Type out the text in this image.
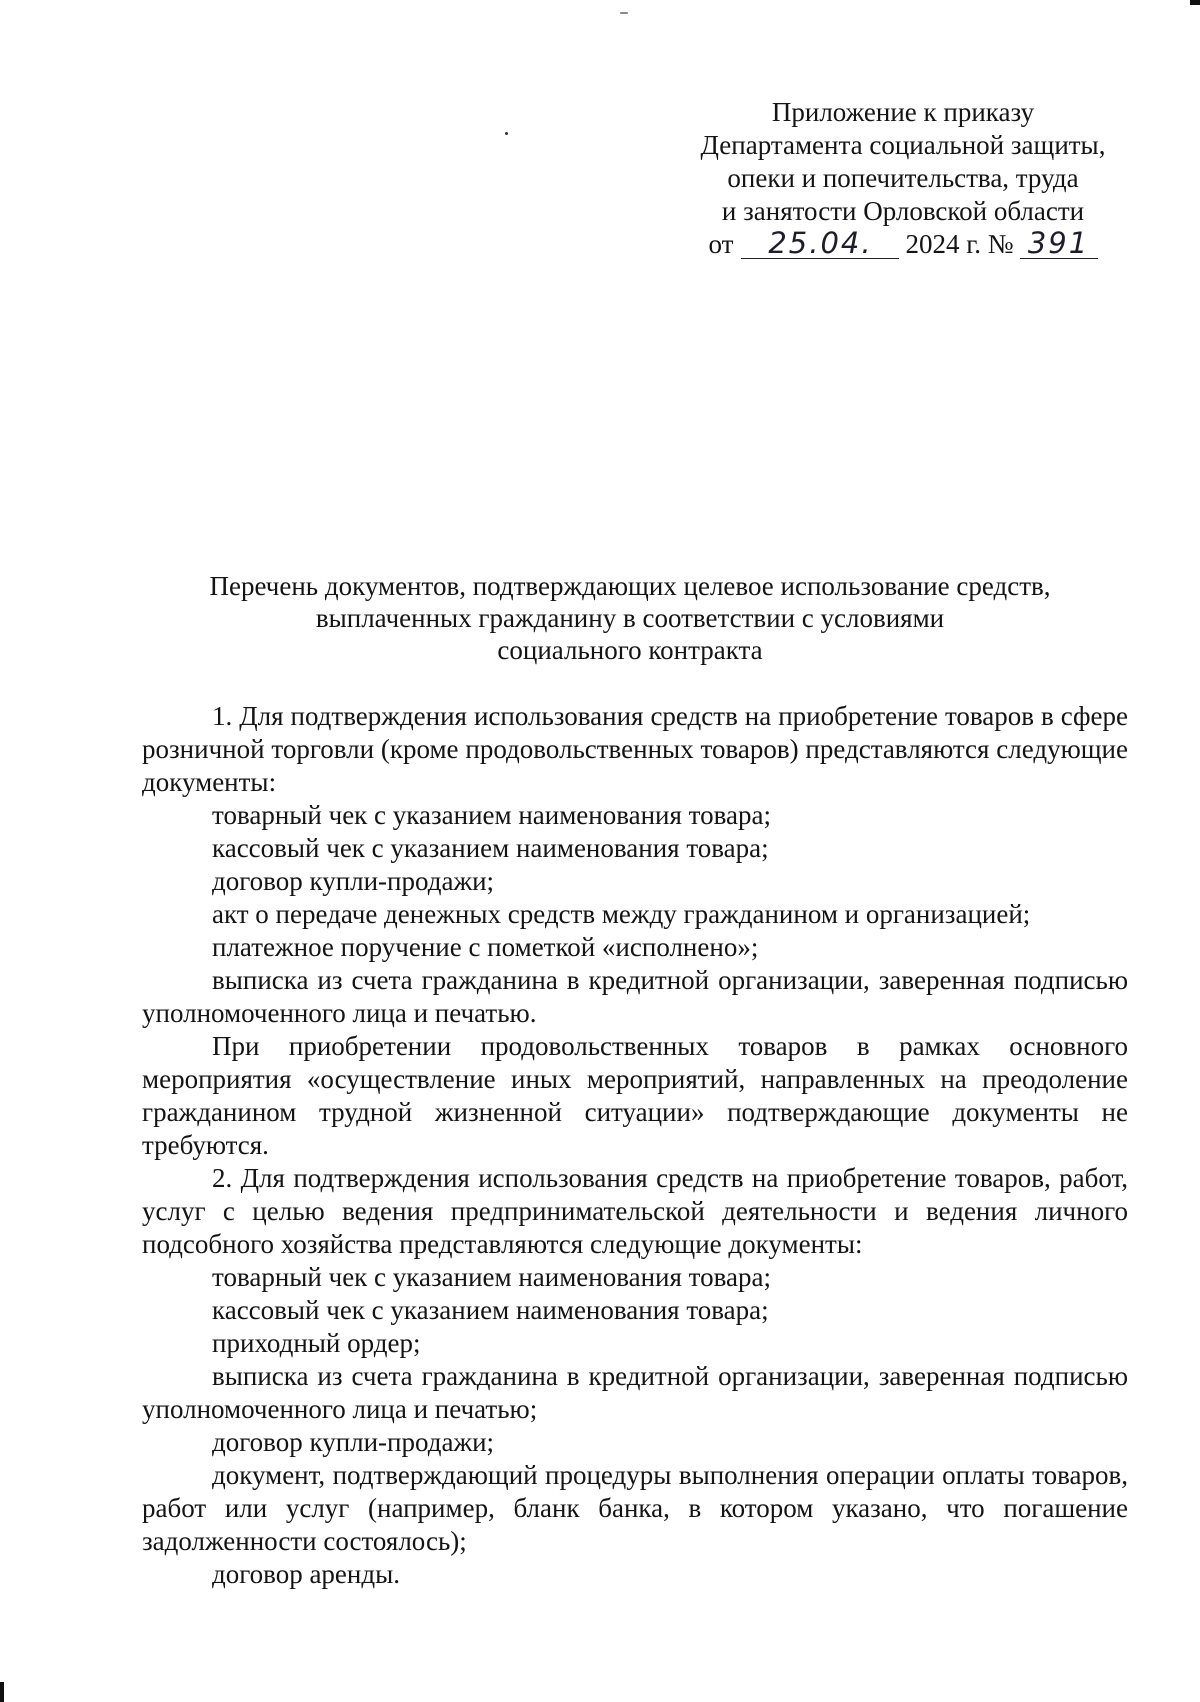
Приложение к приказу
Департамента социальной защиты,
опеки и попечительства, труда
и занятости Орловской области
от 25.04. 2024 г. № 391
Перечень документов, подтверждающих целевое использование средств,
выплаченных гражданину в соответствии с условиями
социального контракта

1. Для подтверждения использования средств на приобретение товаров в сфере розничной торговли (кроме продовольственных товаров) представляются следующие документы:

товарный чек с указанием наименования товара;

кассовый чек с указанием наименования товара;

договор купли-продажи;

акт о передаче денежных средств между гражданином и организацией;

платежное поручение с пометкой «исполнено»;

выписка из счета гражданина в кредитной организации, заверенная подписью уполномоченного лица и печатью.

При приобретении продовольственных товаров в рамках основного мероприятия «осуществление иных мероприятий, направленных на преодоление гражданином трудной жизненной ситуации» подтверждающие документы не требуются.

2. Для подтверждения использования средств на приобретение товаров, работ, услуг с целью ведения предпринимательской деятельности и ведения личного подсобного хозяйства представляются следующие документы:

товарный чек с указанием наименования товара;

кассовый чек с указанием наименования товара;

приходный ордер;

выписка из счета гражданина в кредитной организации, заверенная подписью уполномоченного лица и печатью;

договор купли-продажи;

документ, подтверждающий процедуры выполнения операции оплаты товаров, работ или услуг (например, бланк банка, в котором указано, что погашение задолженности состоялось);

договор аренды.
